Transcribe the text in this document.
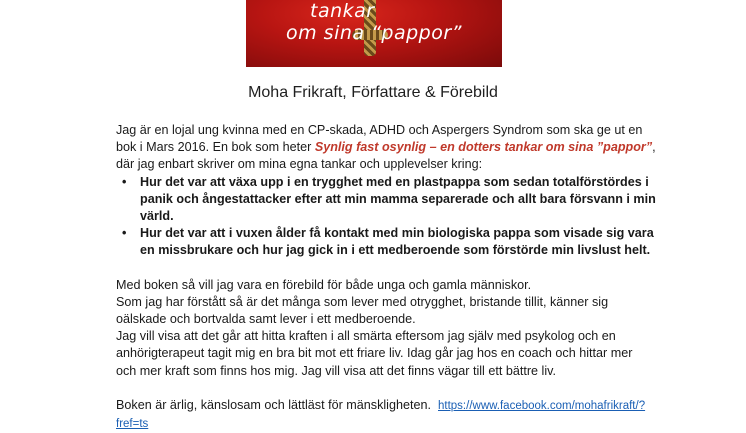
tankar
om sina “pappor”
Moha Frikraft, Författare & Förebild

Jag är en lojal ung kvinna med en CP-skada, ADHD och Aspergers Syndrom som ska ge ut en bok i Mars 2016. En bok som heter Synlig fast osynlig – en dotters tankar om sina ”pappor”, där jag enbart skriver om mina egna tankar och upplevelser kring:

• Hur det var att växa upp i en trygghet med en plastpappa som sedan totalförstördes i panik och ångestattacker efter att min mamma separerade och allt bara försvann i min värld.
• Hur det var att i vuxen ålder få kontakt med min biologiska pappa som visade sig vara en missbrukare och hur jag gick in i ett medberoende som förstörde min livslust helt.

Med boken så vill jag vara en förebild för både unga och gamla människor.

Som jag har förstått så är det många som lever med otrygghet, bristande tillit, känner sig oälskade och bortvalda samt lever i ett medberoende.

Jag vill visa att det går att hitta kraften i all smärta eftersom jag själv med psykolog och en anhörigterapeut tagit mig en bra bit mot ett friare liv. Idag går jag hos en coach och hittar mer och mer kraft som finns hos mig. Jag vill visa att det finns vägar till ett bättre liv.

Boken är ärlig, känslosam och lättläst för mänskligheten. https://www.facebook.com/mohafrikraft/?fref=ts
